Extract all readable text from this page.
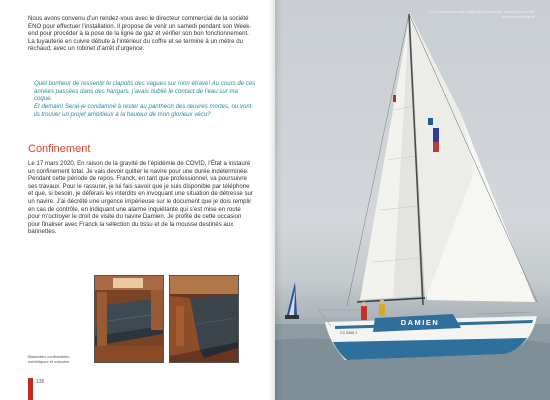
Nous avons convenu d’un rendez-vous avec le directeur commercial de la société ENO pour effectuer l’installation. Il propose de venir un samedi pendant son Week-end pour procéder à la pose de la ligne de gaz et vérifier son bon fonctionnement. La tuyauterie en cuivre débute à l’intérieur du coffre et se termine à un mètre du réchaud, avec un robinet d’arrêt d’urgence.

Quel bonheur de ressentir le clapotis des vagues sur mon étrave! Au cours de ces années passées dans des hangars, j’avais oublié le contact de l’eau sur ma coque.

Et demain! Serai-je condamné à rester au panthéon des œuvres mortes, ou vont-ils trouver un projet ambitieux à la hauteur de mon glorieux vécu?

Confinement

Le 17 mars 2020. En raison de la gravité de l’épidémie de COVID, l’État a instauré un confinement total. Je vais devoir quitter le navire pour une durée indéterminée. Pendant cette période de repos, Franck, en tant que professionnel, va poursuivre ses travaux. Pour le rassurer, je lui fais savoir que je suis disponible par téléphone et que, si besoin, je déferais les interdits en invoquant une situation de détresse sur un navire. J’ai décrété une urgence impérieuse sur le document que je dois remplir en cas de contrôle, en indiquant une alarme inquiétante qui s’est mise en route pour m’octroyer le droit de visite du navire Damien. Je profite de cette occasion pour finaliser avec Franck la sélection du tissu et de la mousse destinés aux bannettes.

Bannettes confortables, esthétiques et robustes

136

DAMIEN
CC 8356 J

En contemplant cette magnifique silhouette, nous pouvons être fiers de notre travail
